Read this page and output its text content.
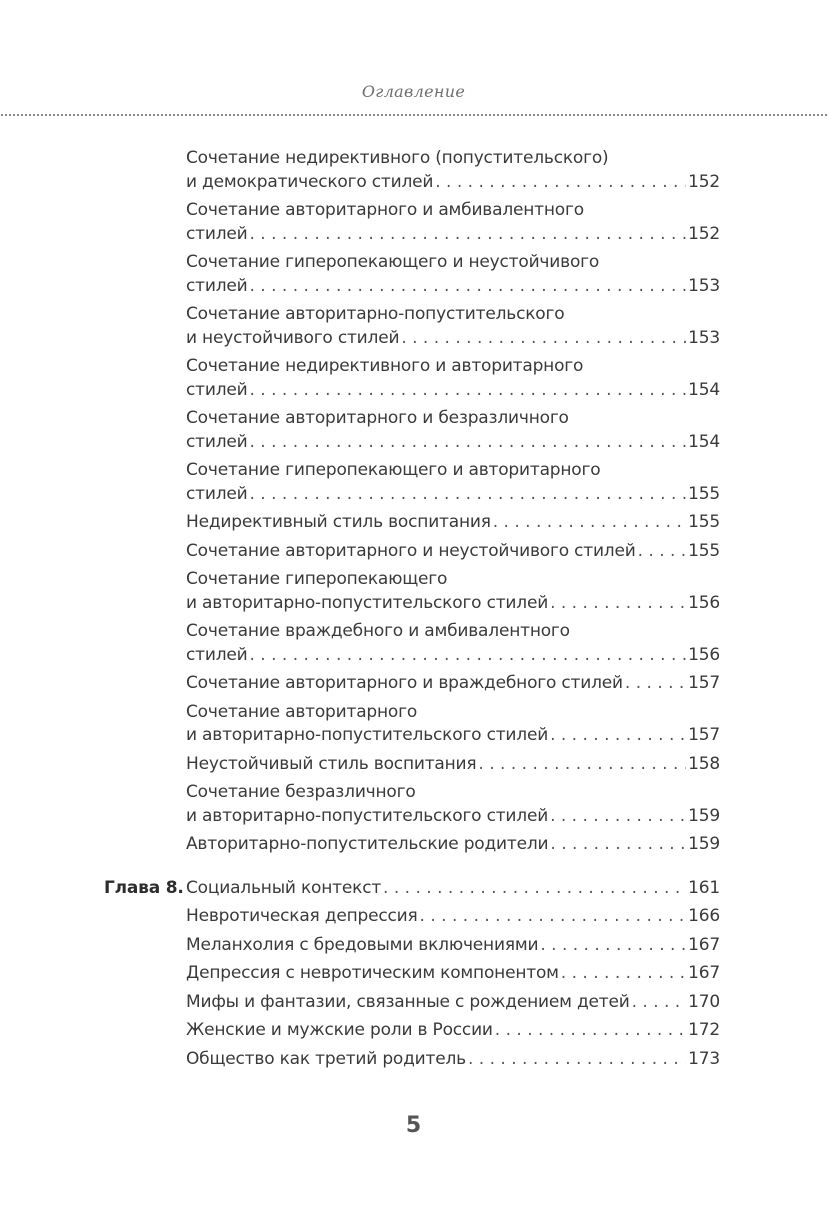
Оглавление
Сочетание недирективного (попустительского)
и демократического стилей . . .	152
Сочетание авторитарного и амбивалентного
стилей . . .	152
Сочетание гиперопекающего и неустойчивого
стилей . . .	153
Сочетание авторитарно-попустительского
и неустойчивого стилей . . .	153
Сочетание недирективного и авторитарного
стилей . . .	154
Сочетание авторитарного и безразличного
стилей . . .	154
Сочетание гиперопекающего и авторитарного
стилей . . .	155
Недирективный стиль воспитания . . .	155
Сочетание авторитарного и неустойчивого стилей . . .	155
Сочетание гиперопекающего
и авторитарно-попустительского стилей . . .	156
Сочетание враждебного и амбивалентного
стилей . . .	156
Сочетание авторитарного и враждебного стилей . . .	157
Сочетание авторитарного
и авторитарно-попустительского стилей . . .	157
Неустойчивый стиль воспитания . . .	158
Сочетание безразличного
и авторитарно-попустительского стилей . . .	159
Авторитарно-попустительские родители . . .	159
Глава 8. Социальный контекст . . .	161
Невротическая депрессия . . .	166
Меланхолия с бредовыми включениями . . .	167
Депрессия с невротическим компонентом . . .	167
Мифы и фантазии, связанные с рождением детей . . .	170
Женские и мужские роли в России . . .	172
Общество как третий родитель . . .	173
5
